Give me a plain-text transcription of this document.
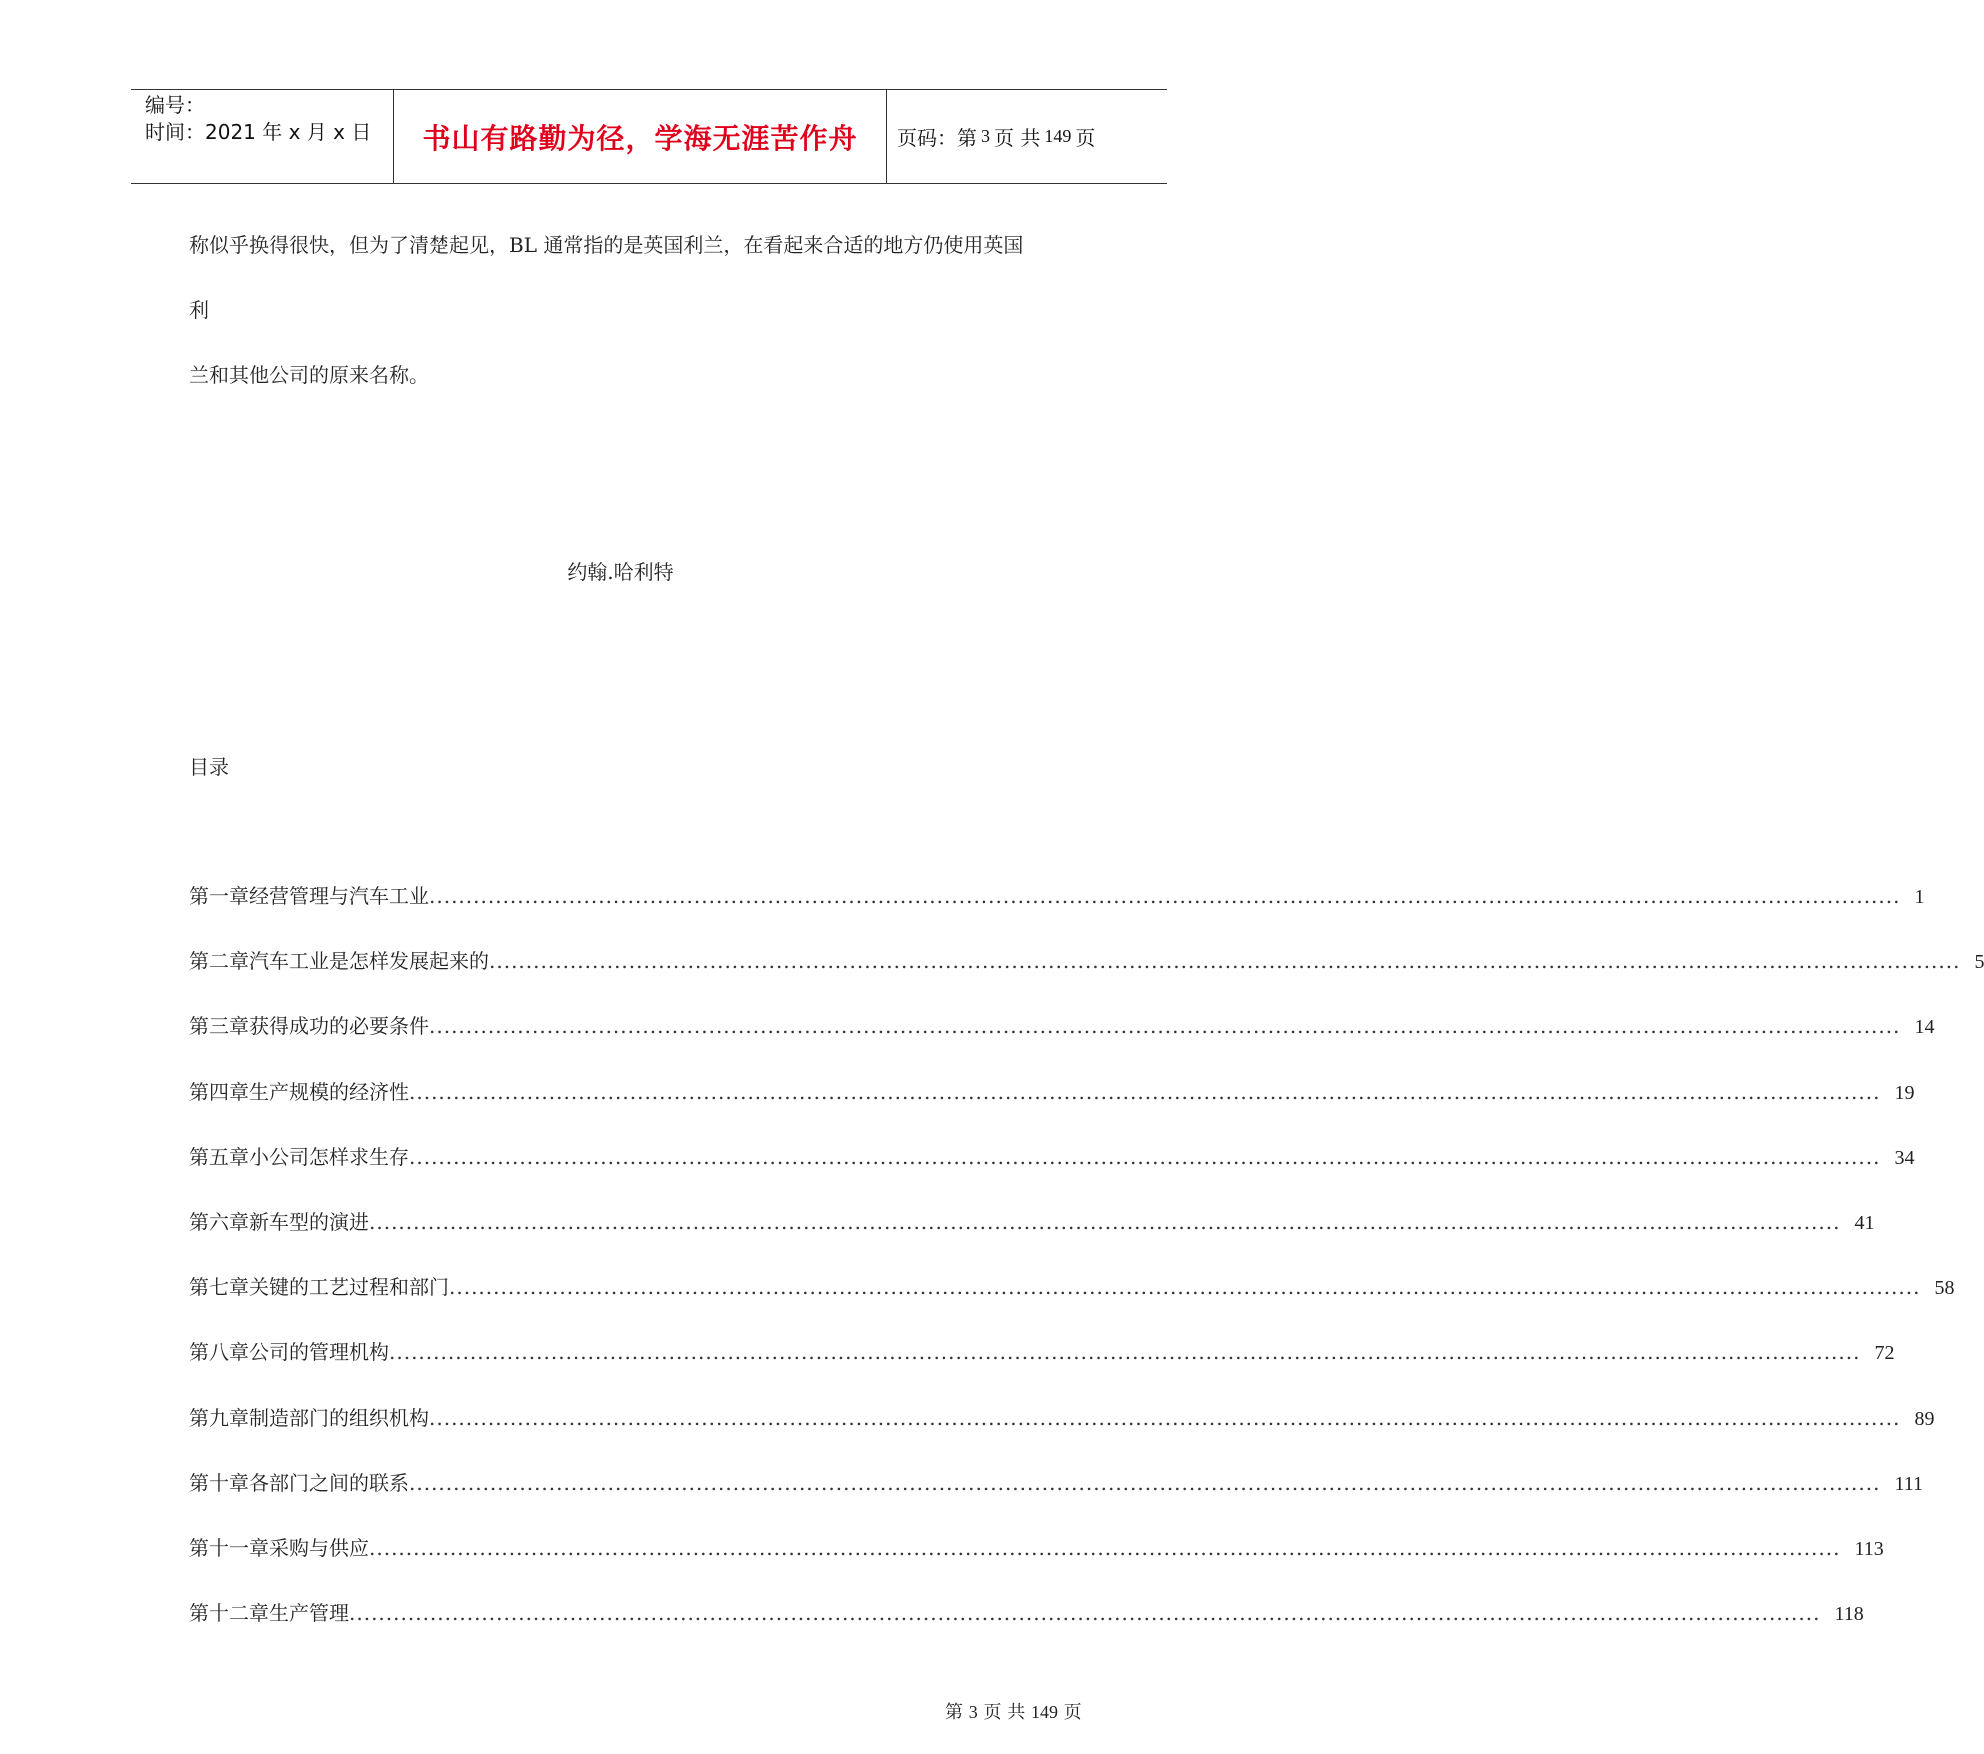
编号：
时间：2021 年 x 月 x 日	书山有路勤为径，学海无涯苦作舟	页码：第 3 页 共 149 页
称似乎换得很快，但为了清楚起见，BL 通常指的是英国利兰，在看起来合适的地方仍使用英国
利
兰和其他公司的原来名称。
约翰.哈利特
目录
第一章 经营管理与汽车工业 ........................................................................................................................................................................................................ 1
第二章 汽车工业是怎样发展起来的 ........................................................................................................................................................................................................ 5
第三章 获得成功的必要条件 ........................................................................................................................................................................................................ 14
第四章 生产规模的经济性 ........................................................................................................................................................................................................ 19
第五章 小公司怎样求生存 ........................................................................................................................................................................................................ 34
第六章 新车型的演进 ........................................................................................................................................................................................................ 41
第七章 关键的工艺过程和部门 ........................................................................................................................................................................................................ 58
第八章 公司的管理机构 ........................................................................................................................................................................................................ 72
第九章 制造部门的组织机构 ........................................................................................................................................................................................................ 89
第十章 各部门之间的联系 ........................................................................................................................................................................................................ 111
第十一章 采购与供应 ........................................................................................................................................................................................................ 113
第十二章 生产管理 ........................................................................................................................................................................................................ 118
第 3 页 共 149 页
